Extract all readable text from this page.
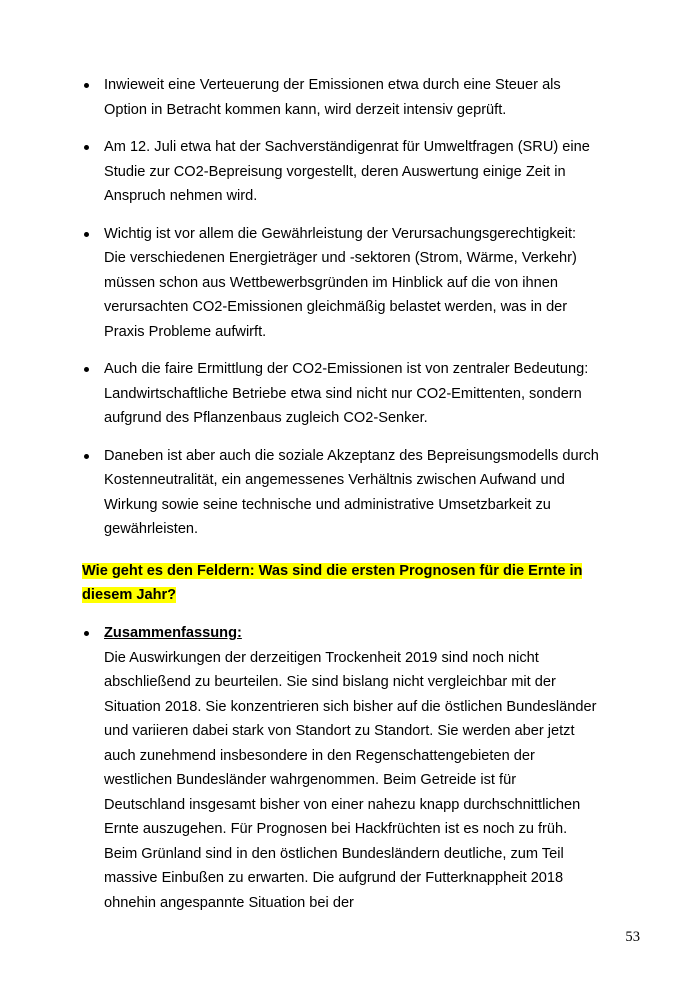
Inwieweit eine Verteuerung der Emissionen etwa durch eine Steuer als Option in Betracht kommen kann, wird derzeit intensiv geprüft.
Am 12. Juli etwa hat der Sachverständigenrat für Umweltfragen (SRU) eine Studie zur CO2-Bepreisung vorgestellt, deren Auswertung einige Zeit in Anspruch nehmen wird.
Wichtig ist vor allem die Gewährleistung der Verursachungsgerechtigkeit: Die verschiedenen Energieträger und -sektoren (Strom, Wärme, Verkehr) müssen schon aus Wettbewerbsgründen im Hinblick auf die von ihnen verursachten CO2-Emissionen gleichmäßig belastet werden, was in der Praxis Probleme aufwirft.
Auch die faire Ermittlung der CO2-Emissionen ist von zentraler Bedeutung: Landwirtschaftliche Betriebe etwa sind nicht nur CO2-Emittenten, sondern aufgrund des Pflanzenbaus zugleich CO2-Senker.
Daneben ist aber auch die soziale Akzeptanz des Bepreisungsmodells durch Kostenneutralität, ein angemessenes Verhältnis zwischen Aufwand und Wirkung sowie seine technische und administrative Umsetzbarkeit zu gewährleisten.

Wie geht es den Feldern: Was sind die ersten Prognosen für die Ernte in diesem Jahr?

Zusammenfassung:
Die Auswirkungen der derzeitigen Trockenheit 2019 sind noch nicht abschließend zu beurteilen. Sie sind bislang nicht vergleichbar mit der Situation 2018. Sie konzentrieren sich bisher auf die östlichen Bundesländer und variieren dabei stark von Standort zu Standort. Sie werden aber jetzt auch zunehmend insbesondere in den Regenschattengebieten der westlichen Bundesländer wahrgenommen. Beim Getreide ist für Deutschland insgesamt bisher von einer nahezu knapp durchschnittlichen Ernte auszugehen. Für Prognosen bei Hackfrüchten ist es noch zu früh. Beim Grünland sind in den östlichen Bundesländern deutliche, zum Teil massive Einbußen zu erwarten. Die aufgrund der Futterknappheit 2018 ohnehin angespannte Situation bei der
53
